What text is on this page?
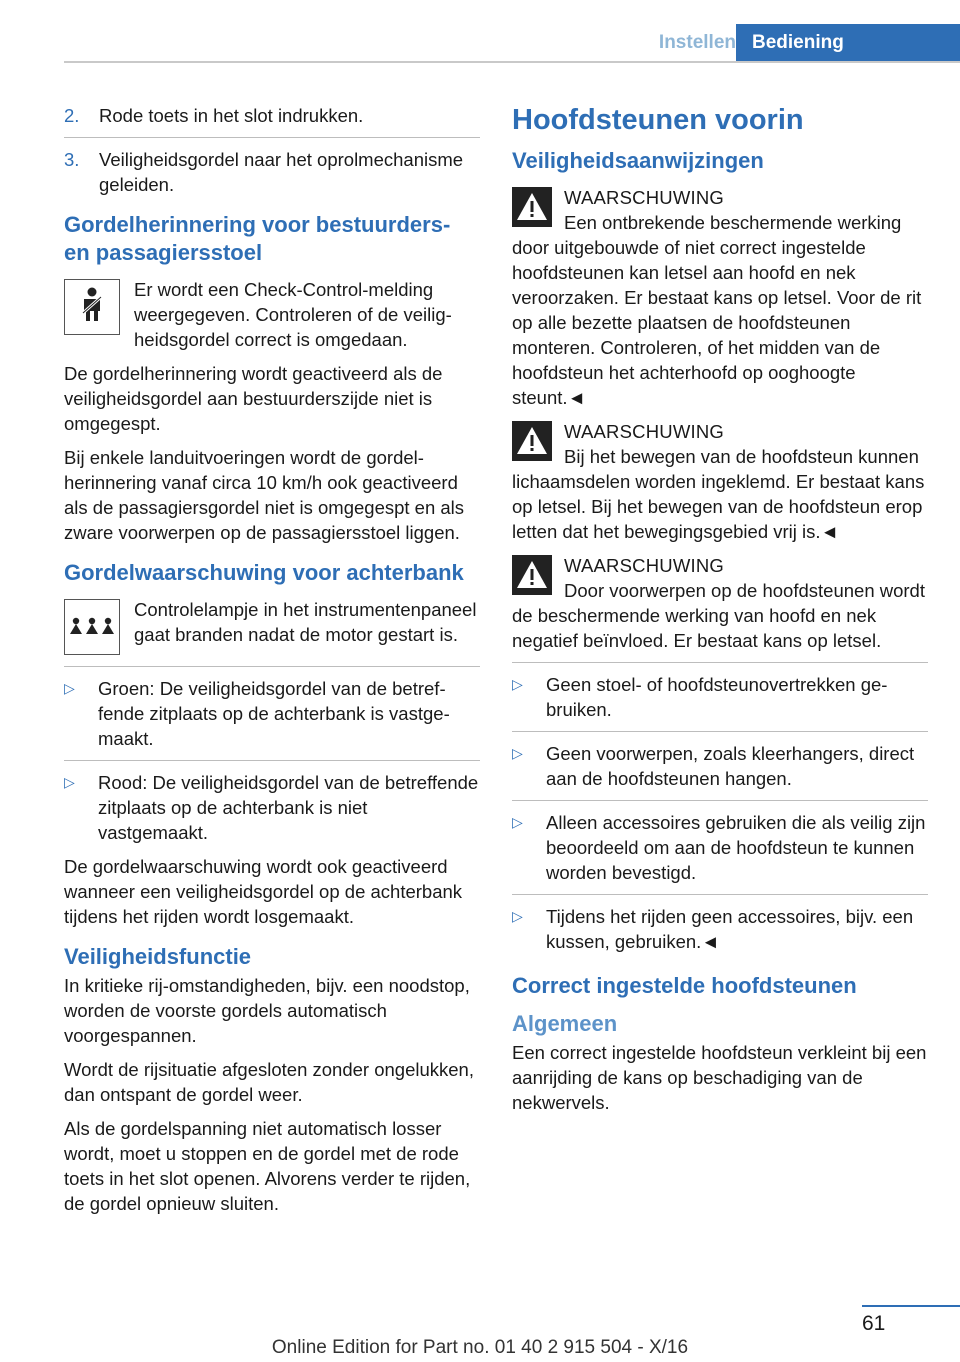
Instellen Bediening
2. Rode toets in het slot indrukken.
3. Veiligheidsgordel naar het oprolmechanisme geleiden.
Gordelherinnering voor bestuurders- en passagiersstoel
Er wordt een Check-Control-melding weergegeven. Controleren of de veiligheidsgordel correct is omgedaan.

De gordelherinnering wordt geactiveerd als de veiligheidsgordel aan bestuurderszijde niet is omgegespt.

Bij enkele landuitvoeringen wordt de gordelherinnering vanaf circa 10 km/h ook geactiveerd als de passagiersgordel niet is omgegespt en als zware voorwerpen op de passagiersstoel liggen.

Gordelwaarschuwing voor achterbank
Controlelampje in het instrumentenpaneel gaat branden nadat de motor gestart is.
▷ Groen: De veiligheidsgordel van de betreffende zitplaats op de achterbank is vastgemaakt.
▷ Rood: De veiligheidsgordel van de betreffende zitplaats op de achterbank is niet vastgemaakt.

De gordelwaarschuwing wordt ook geactiveerd wanneer een veiligheidsgordel op de achterbank tijdens het rijden wordt losgemaakt.

Veiligheidsfunctie

In kritieke rij-omstandigheden, bijv. een noodstop, worden de voorste gordels automatisch voorgespannen.

Wordt de rijsituatie afgesloten zonder ongelukken, dan ontspant de gordel weer.

Als de gordelspanning niet automatisch losser wordt, moet u stoppen en de gordel met de rode toets in het slot openen. Alvorens verder te rijden, de gordel opnieuw sluiten.

Hoofdsteunen voorin
Veiligheidsaanwijzingen
WAARSCHUWING
Een ontbrekende beschermende werking door uitgebouwde of niet correct ingestelde hoofdsteunen kan letsel aan hoofd en nek veroorzaken. Er bestaat kans op letsel. Voor de rit op alle bezette plaatsen de hoofdsteunen monteren. Controleren, of het midden van de hoofdsteun het achterhoofd op ooghoogte steunt.◄
WAARSCHUWING
Bij het bewegen van de hoofdsteun kunnen lichaamsdelen worden ingeklemd. Er bestaat kans op letsel. Bij het bewegen van de hoofdsteun erop letten dat het bewegingsgebied vrij is.◄
WAARSCHUWING
Door voorwerpen op de hoofdsteunen wordt de beschermende werking van hoofd en nek negatief beïnvloed. Er bestaat kans op letsel.
▷ Geen stoel- of hoofdsteunovertrekken gebruiken.
▷ Geen voorwerpen, zoals kleerhangers, direct aan de hoofdsteunen hangen.
▷ Alleen accessoires gebruiken die als veilig zijn beoordeeld om aan de hoofdsteun te kunnen worden bevestigd.
▷ Tijdens het rijden geen accessoires, bijv. een kussen, gebruiken.◄
Correct ingestelde hoofdsteunen
Algemeen

Een correct ingestelde hoofdsteun verkleint bij een aanrijding de kans op beschadiging van de nekwervels.

61
Online Edition for Part no. 01 40 2 915 504 - X/16
